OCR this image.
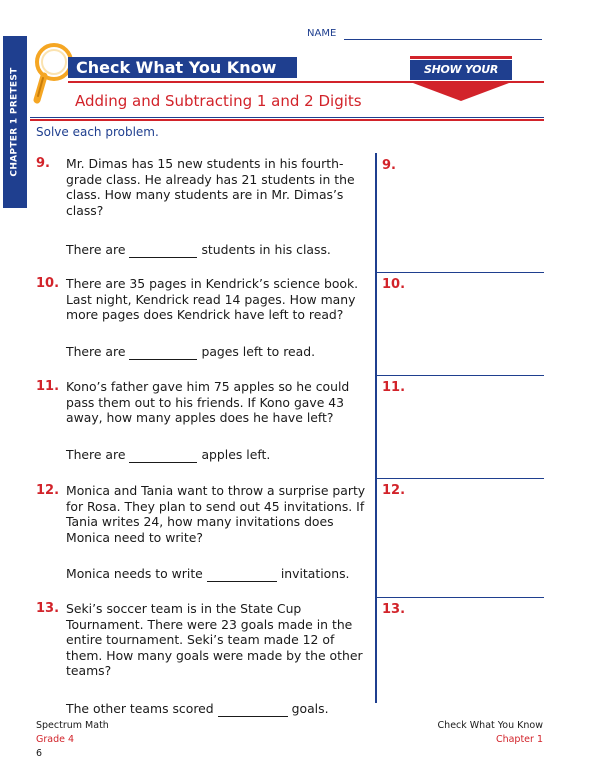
CHAPTER 1 PRETEST
NAME
Check What You Know	SHOW YOUR WORK
Adding and Subtracting 1 and 2 Digits
Solve each problem.
9. Mr. Dimas has 15 new students in his fourth-grade class. He already has 21 students in the class. How many students are in Mr. Dimas’s class?
There are	students in his class.
10. There are 35 pages in Kendrick’s science book. Last night, Kendrick read 14 pages. How many more pages does Kendrick have left to read?
There are	pages left to read.
11. Kono’s father gave him 75 apples so he could pass them out to his friends. If Kono gave 43 away, how many apples does he have left?
There are	apples left.
12. Monica and Tania want to throw a surprise party for Rosa. They plan to send out 45 invitations. If Tania writes 24, how many invitations does Monica need to write?
Monica needs to write	invitations.
13. Seki’s soccer team is in the State Cup Tournament. There were 23 goals made in the entire tournament. Seki’s team made 12 of them. How many goals were made by the other teams?
The other teams scored	goals.
9.
10.
11.
12.
13.
Spectrum Math
Grade 4
6
Check What You Know
Chapter 1
